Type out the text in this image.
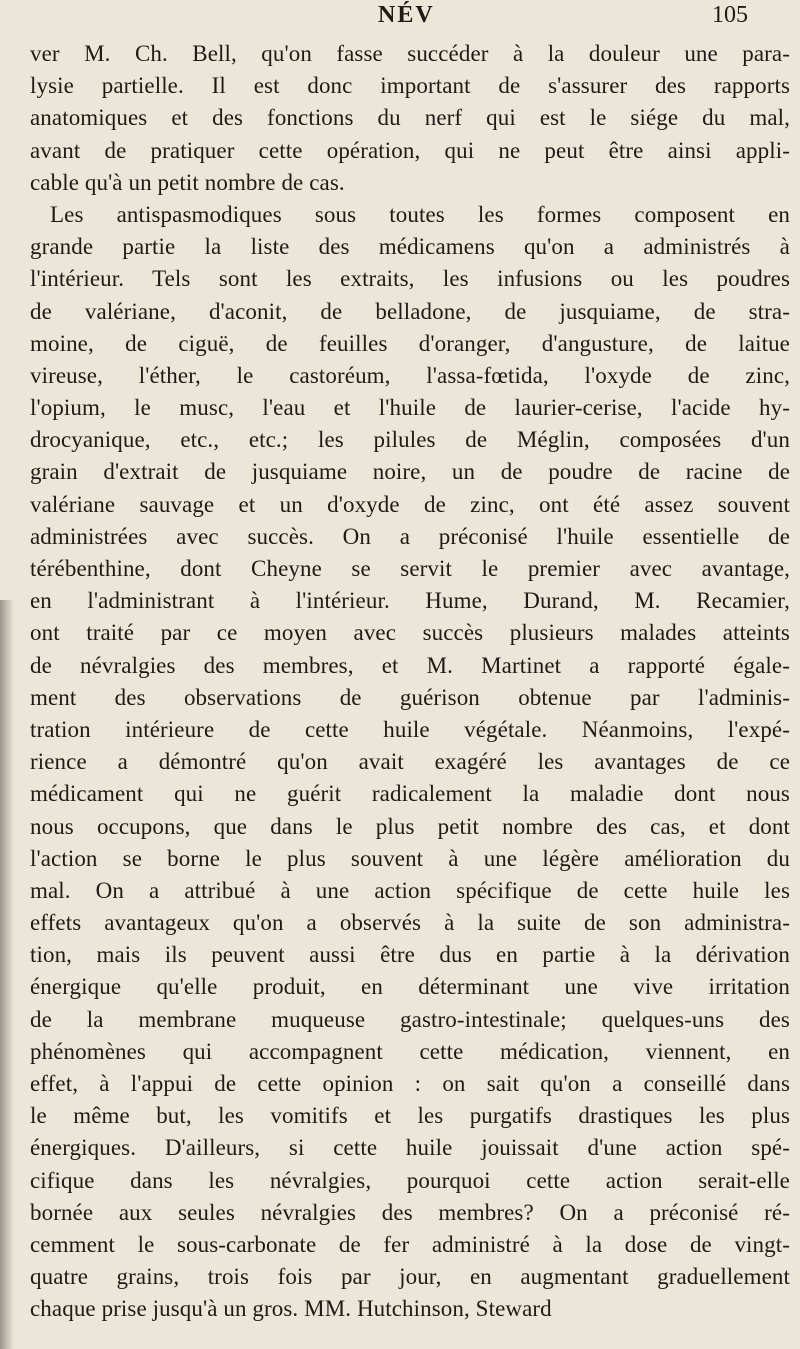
NÉV	105
ver M. Ch. Bell, qu'on fasse succéder à la douleur une para-
lysie partielle. Il est donc important de s'assurer des rapports
anatomiques et des fonctions du nerf qui est le siége du mal,
avant de pratiquer cette opération, qui ne peut être ainsi appli-
cable qu'à un petit nombre de cas.
Les antispasmodiques sous toutes les formes composent en
grande partie la liste des médicamens qu'on a administrés à
l'intérieur. Tels sont les extraits, les infusions ou les poudres
de valériane, d'aconit, de belladone, de jusquiame, de stra-
moine, de ciguë, de feuilles d'oranger, d'angusture, de laitue
vireuse, l'éther, le castoréum, l'assa-fœtida, l'oxyde de zinc,
l'opium, le musc, l'eau et l'huile de laurier-cerise, l'acide hy-
drocyanique, etc., etc.; les pilules de Méglin, composées d'un
grain d'extrait de jusquiame noire, un de poudre de racine de
valériane sauvage et un d'oxyde de zinc, ont été assez souvent
administrées avec succès. On a préconisé l'huile essentielle de
térébenthine, dont Cheyne se servit le premier avec avantage,
en l'administrant à l'intérieur. Hume, Durand, M. Recamier,
ont traité par ce moyen avec succès plusieurs malades atteints
de névralgies des membres, et M. Martinet a rapporté égale-
ment des observations de guérison obtenue par l'adminis-
tration intérieure de cette huile végétale. Néanmoins, l'expé-
rience a démontré qu'on avait exagéré les avantages de ce
médicament qui ne guérit radicalement la maladie dont nous
nous occupons, que dans le plus petit nombre des cas, et dont
l'action se borne le plus souvent à une légère amélioration du
mal. On a attribué à une action spécifique de cette huile les
effets avantageux qu'on a observés à la suite de son administra-
tion, mais ils peuvent aussi être dus en partie à la dérivation
énergique qu'elle produit, en déterminant une vive irritation
de la membrane muqueuse gastro-intestinale; quelques-uns des
phénomènes qui accompagnent cette médication, viennent, en
effet, à l'appui de cette opinion : on sait qu'on a conseillé dans
le même but, les vomitifs et les purgatifs drastiques les plus
énergiques. D'ailleurs, si cette huile jouissait d'une action spé-
cifique dans les névralgies, pourquoi cette action serait-elle
bornée aux seules névralgies des membres? On a préconisé ré-
cemment le sous-carbonate de fer administré à la dose de vingt-
quatre grains, trois fois par jour, en augmentant graduellement
chaque prise jusqu'à un gros. MM. Hutchinson, Steward
